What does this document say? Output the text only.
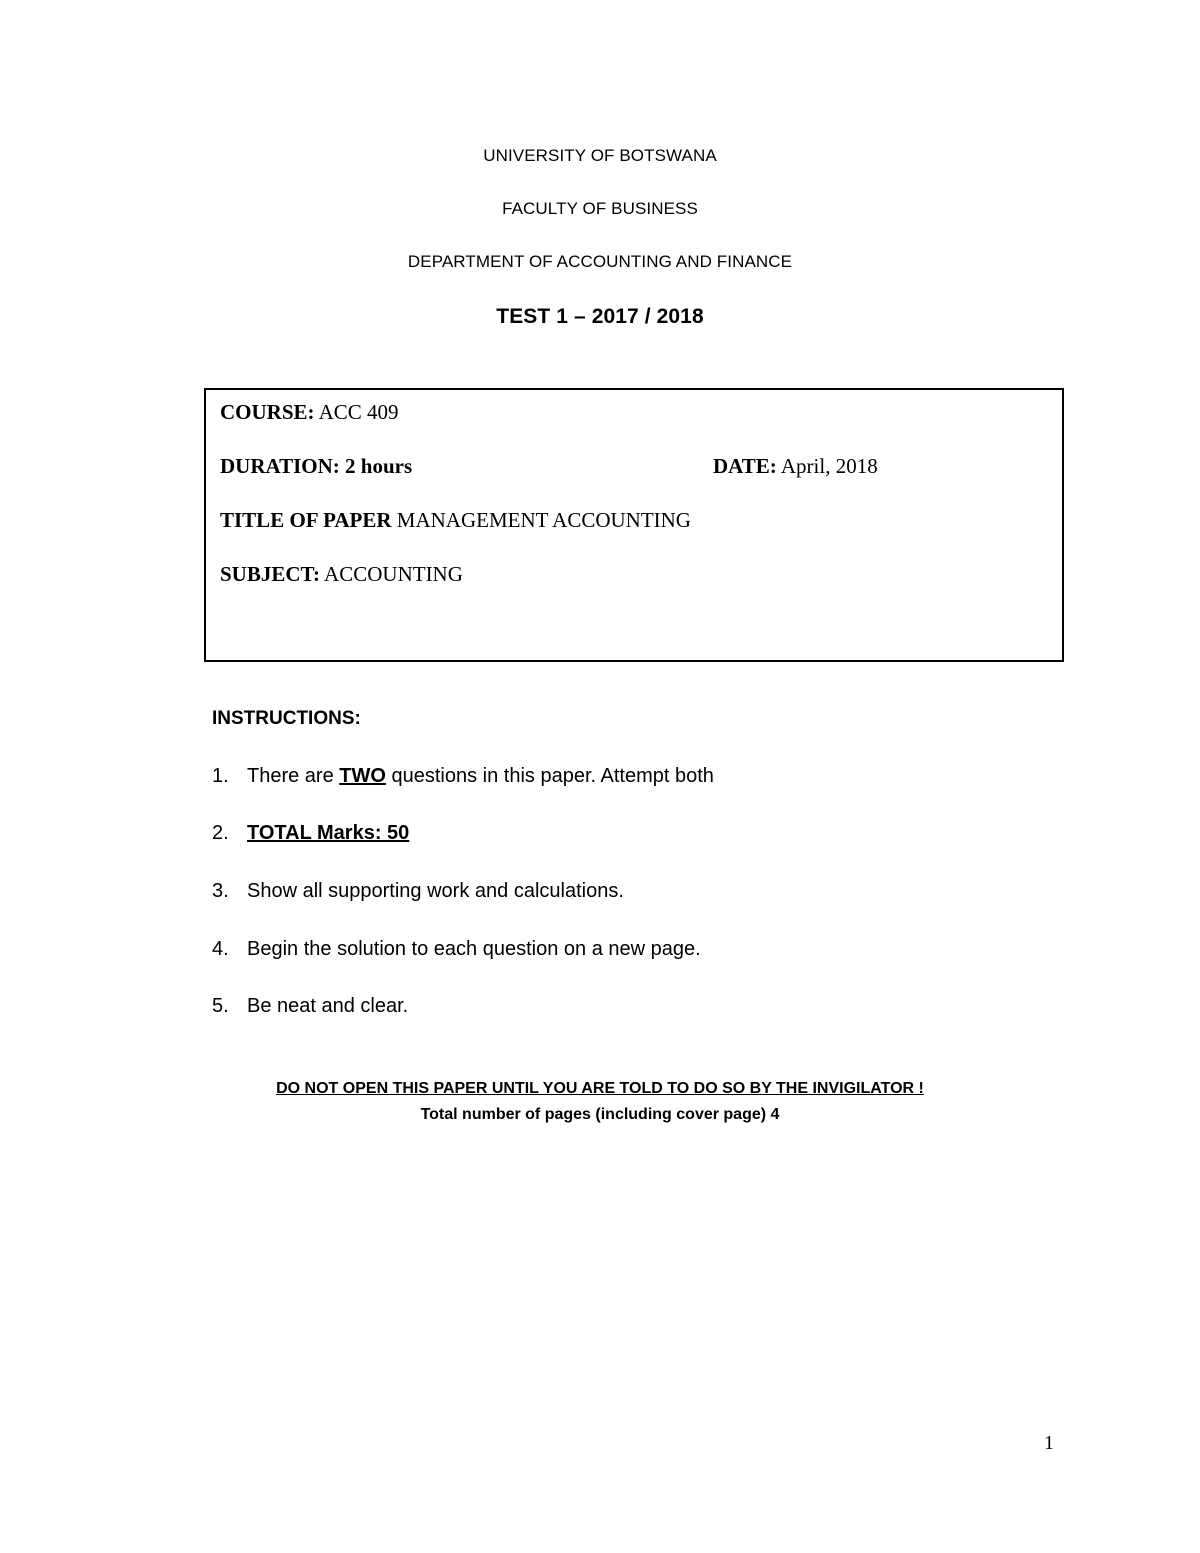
UNIVERSITY OF BOTSWANA
FACULTY OF BUSINESS
DEPARTMENT OF ACCOUNTING AND FINANCE
TEST 1 – 2017 / 2018
COURSE: ACC 409
DURATION: 2 hours	DATE: April, 2018
TITLE OF PAPER MANAGEMENT ACCOUNTING
SUBJECT: ACCOUNTING
INSTRUCTIONS:
1. There are TWO questions in this paper. Attempt both
2. TOTAL Marks: 50
3. Show all supporting work and calculations.
4. Begin the solution to each question on a new page.
5. Be neat and clear.
DO NOT OPEN THIS PAPER UNTIL YOU ARE TOLD TO DO SO BY THE INVIGILATOR !
Total number of pages (including cover page) 4
1
